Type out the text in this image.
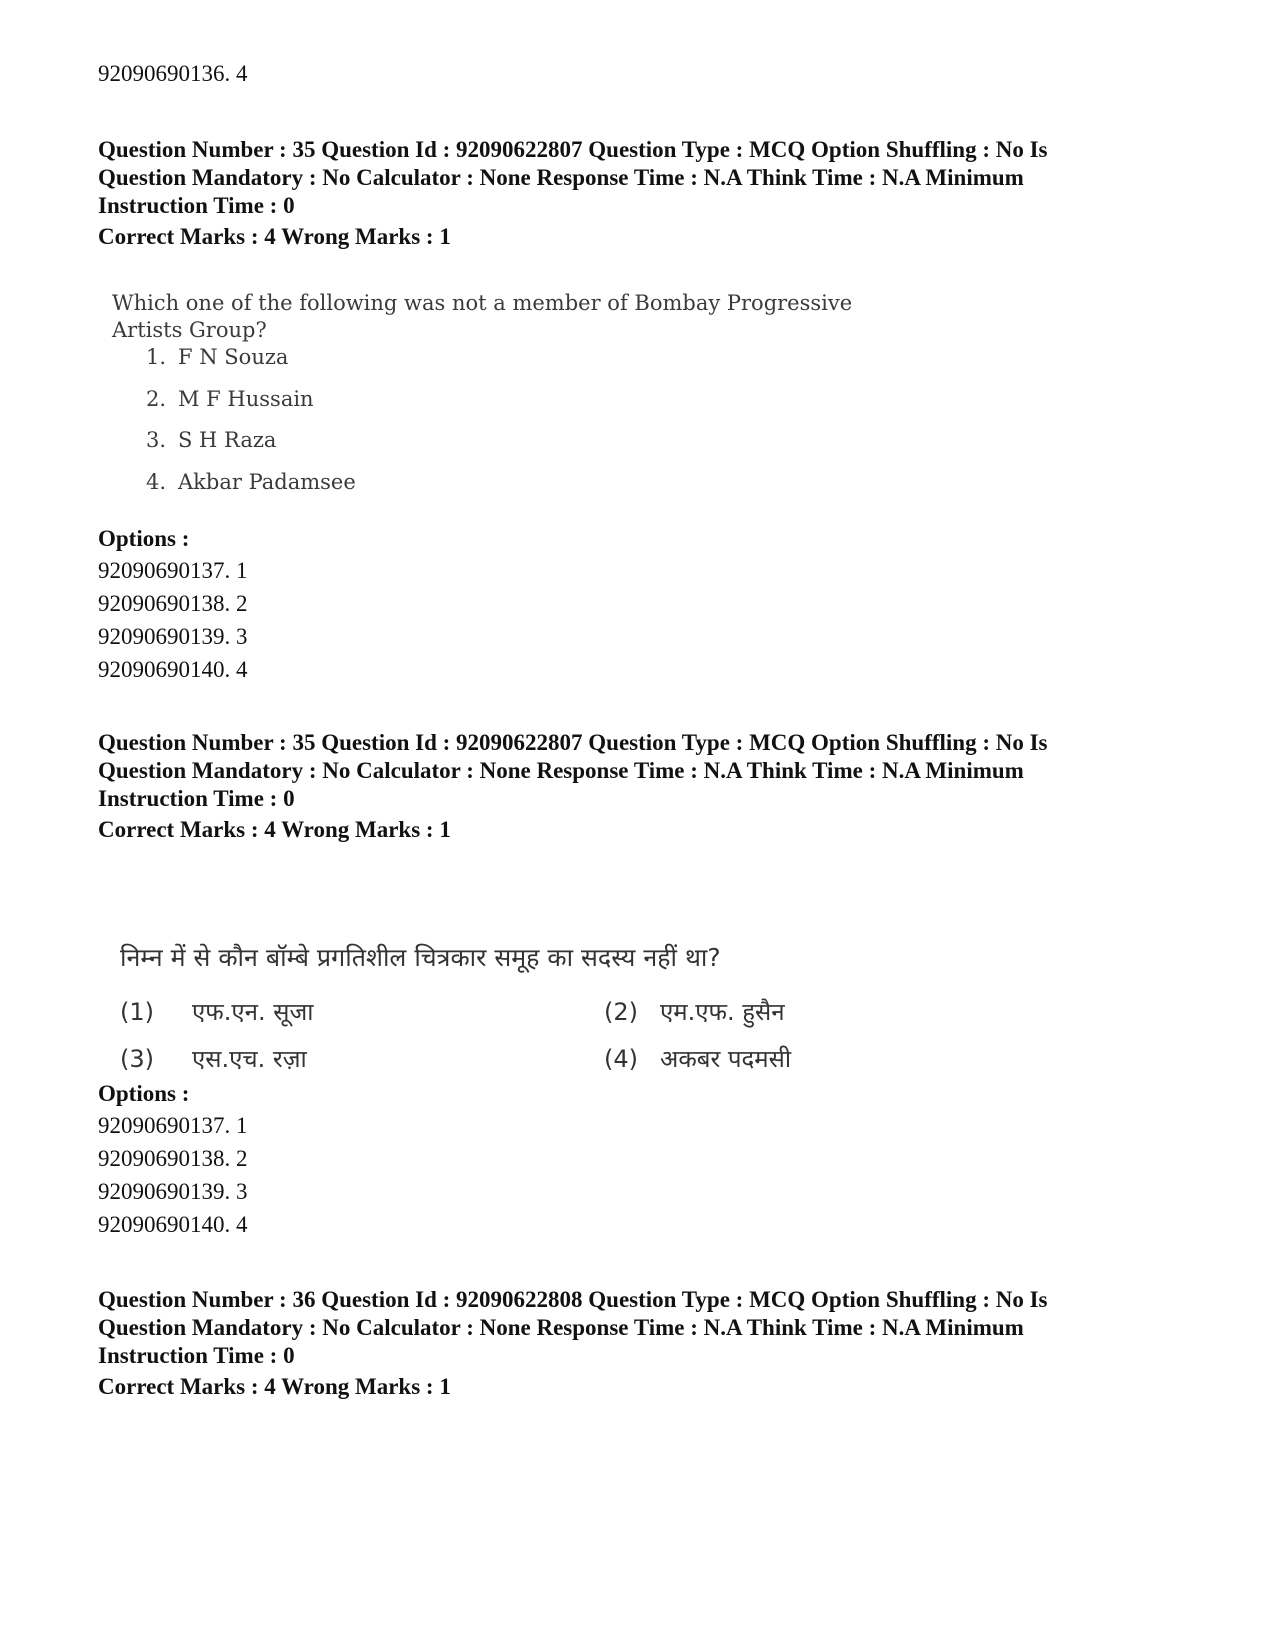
92090690136. 4
Question Number : 35 Question Id : 92090622807 Question Type : MCQ Option Shuffling : No Is
Question Mandatory : No Calculator : None Response Time : N.A Think Time : N.A Minimum
Instruction Time : 0
Correct Marks : 4 Wrong Marks : 1
Which one of the following was not a member of Bombay Progressive
Artists Group?
1. F N Souza
2. M F Hussain
3. S H Raza
4. Akbar Padamsee
Options :
92090690137. 1
92090690138. 2
92090690139. 3
92090690140. 4
Question Number : 35 Question Id : 92090622807 Question Type : MCQ Option Shuffling : No Is
Question Mandatory : No Calculator : None Response Time : N.A Think Time : N.A Minimum
Instruction Time : 0
Correct Marks : 4 Wrong Marks : 1
निम्न में से कौन बॉम्बे प्रगतिशील चित्रकार समूह का सदस्य नहीं था?
(1) एफ.एन. सूजा	(2) एम.एफ. हुसैन
(3) एस.एच. रज़ा	(4) अकबर पदमसी
Options :
92090690137. 1
92090690138. 2
92090690139. 3
92090690140. 4
Question Number : 36 Question Id : 92090622808 Question Type : MCQ Option Shuffling : No Is
Question Mandatory : No Calculator : None Response Time : N.A Think Time : N.A Minimum
Instruction Time : 0
Correct Marks : 4 Wrong Marks : 1
